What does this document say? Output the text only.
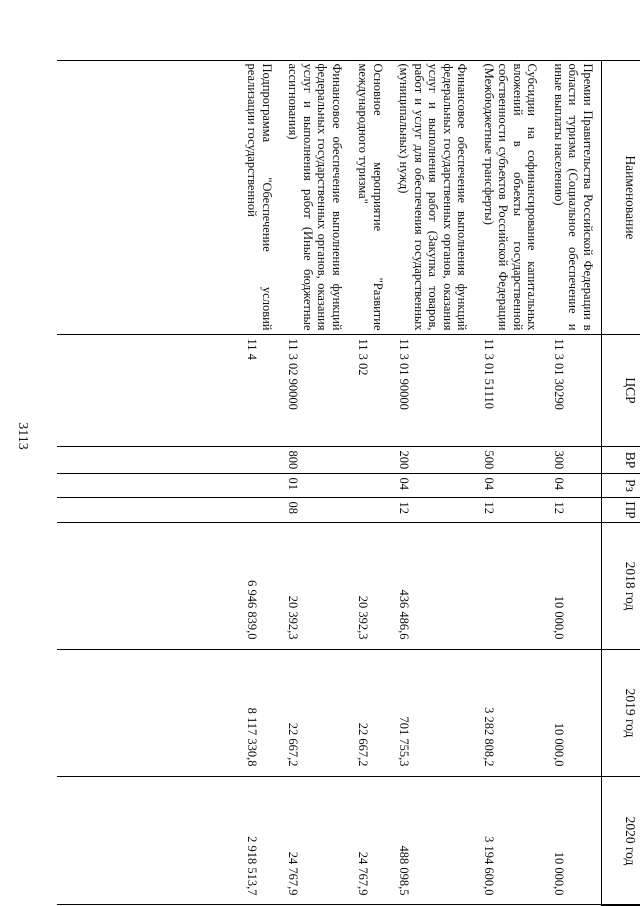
3113
Наименование	ЦСР	ВР	Рз	ПР	2018 год	2019 год	2020 год
Премии Правительства Российской Федерации в области туризма (Социальное обеспечение и иные выплаты населению)	11 3 01 30290	300	04	12	10 000,0	10 000,0	10 000,0
Субсидии на софинансирование капитальных вложений в объекты государственной собственности субъектов Российской Федерации (Межбюджетные трансферты)	11 3 01 51110	500	04	12		3 282 808,2	3 194 600,0
Финансовое обеспечение выполнения функций федеральных государственных органов, оказания услуг и выполнения работ (Закупка товаров, работ и услуг для обеспечения государственных (муниципальных) нужд)	11 3 01 90000	200	04	12	436 486,6	701 755,3	488 098,5
Основное мероприятие "Развитие международного туризма"	11 3 02				20 392,3	22 667,2	24 767,9
Финансовое обеспечение выполнения функций федеральных государственных органов, оказания услуг и выполнения работ (Иные бюджетные ассигнования)	11 3 02 90000	800	01	08	20 392,3	22 667,2	24 767,9
Подпрограмма "Обеспечение условий реализации государственной	11 4				6 946 839,0	8 117 330,8	2 918 513,7
